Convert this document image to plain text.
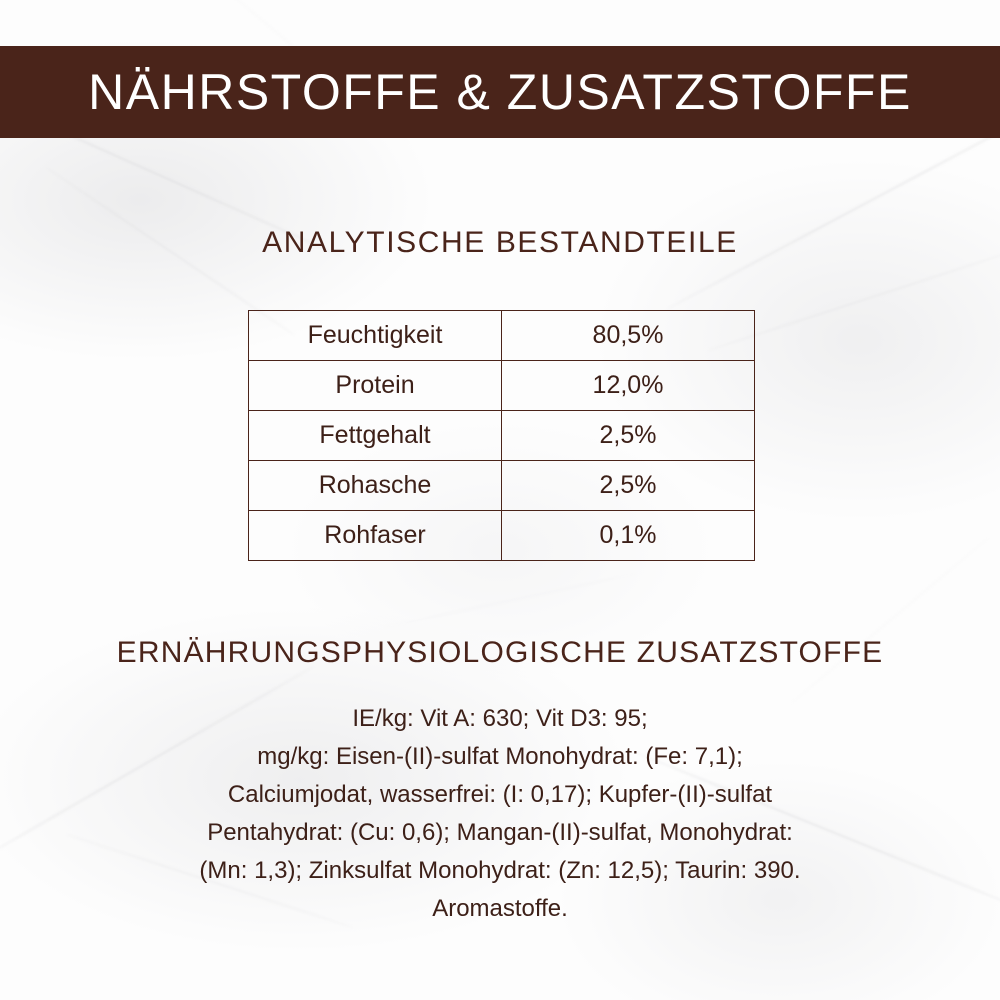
NÄHRSTOFFE & ZUSATZSTOFFE
ANALYTISCHE BESTANDTEILE
Feuchtigkeit	80,5%
Protein	12,0%
Fettgehalt	2,5%
Rohasche	2,5%
Rohfaser	0,1%
ERNÄHRUNGSPHYSIOLOGISCHE ZUSATZSTOFFE
IE/kg: Vit A: 630; Vit D3: 95;
mg/kg: Eisen-(II)-sulfat Monohydrat: (Fe: 7,1);
Calciumjodat, wasserfrei: (I: 0,17); Kupfer-(II)-sulfat
Pentahydrat: (Cu: 0,6); Mangan-(II)-sulfat, Monohydrat:
(Mn: 1,3); Zinksulfat Monohydrat: (Zn: 12,5); Taurin: 390.
Aromastoffe.
